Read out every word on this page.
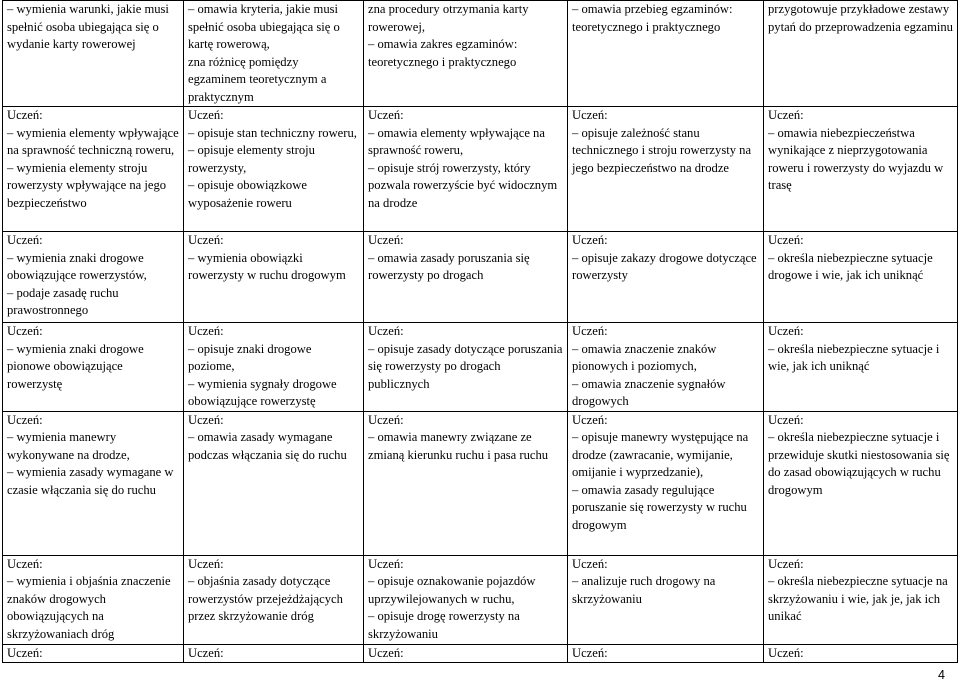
– wymienia warunki, jakie musi spełnić osoba ubiegająca się o wydanie karty rowerowej	– omawia kryteria, jakie musi spełnić osoba ubiegająca się o kartę rowerową,
zna różnicę pomiędzy egzaminem teoretycznym a praktycznym	zna procedury otrzymania karty rowerowej,
– omawia zakres egzaminów: teoretycznego i praktycznego	– omawia przebieg egzaminów: teoretycznego i praktycznego	przygotowuje przykładowe zestawy pytań do przeprowadzenia egzaminu
Uczeń:
– wymienia elementy wpływające na sprawność techniczną roweru,
– wymienia elementy stroju rowerzysty wpływające na jego bezpieczeństwo	Uczeń:
– opisuje stan techniczny roweru,
– opisuje elementy stroju rowerzysty,
– opisuje obowiązkowe wyposażenie roweru	Uczeń:
– omawia elementy wpływające na sprawność roweru,
– opisuje strój rowerzysty, który pozwala rowerzyście być widocznym na drodze	Uczeń:
– opisuje zależność stanu technicznego i stroju rowerzysty na jego bezpieczeństwo na drodze	Uczeń:
– omawia niebezpieczeństwa wynikające z nieprzygotowania roweru i rowerzysty do wyjazdu w trasę
Uczeń:
– wymienia znaki drogowe obowiązujące rowerzystów,
– podaje zasadę ruchu prawostronnego	Uczeń:
– wymienia obowiązki rowerzysty w ruchu drogowym	Uczeń:
– omawia zasady poruszania się rowerzysty po drogach	Uczeń:
– opisuje zakazy drogowe dotyczące rowerzysty	Uczeń:
– określa niebezpieczne sytuacje drogowe i wie, jak ich uniknąć
Uczeń:
– wymienia znaki drogowe pionowe obowiązujące rowerzystę	Uczeń:
– opisuje znaki drogowe poziome,
– wymienia sygnały drogowe obowiązujące rowerzystę	Uczeń:
– opisuje zasady dotyczące poruszania się rowerzysty po drogach publicznych	Uczeń:
– omawia znaczenie znaków pionowych i poziomych,
– omawia znaczenie sygnałów drogowych	Uczeń:
– określa niebezpieczne sytuacje i wie, jak ich uniknąć
Uczeń:
– wymienia manewry wykonywane na drodze,
– wymienia zasady wymagane w czasie włączania się do ruchu	Uczeń:
– omawia zasady wymagane podczas włączania się do ruchu	Uczeń:
– omawia manewry związane ze zmianą kierunku ruchu i pasa ruchu	Uczeń:
– opisuje manewry występujące na drodze (zawracanie, wymijanie, omijanie i wyprzedzanie),
– omawia zasady regulujące poruszanie się rowerzysty w ruchu drogowym	Uczeń:
– określa niebezpieczne sytuacje i przewiduje skutki niestosowania się do zasad obowiązujących w ruchu drogowym
Uczeń:
– wymienia i objaśnia znaczenie znaków drogowych obowiązujących na skrzyżowaniach dróg	Uczeń:
– objaśnia zasady dotyczące rowerzystów przejeżdżających przez skrzyżowanie dróg	Uczeń:
– opisuje oznakowanie pojazdów uprzywilejowanych w ruchu,
– opisuje drogę rowerzysty na skrzyżowaniu	Uczeń:
– analizuje ruch drogowy na skrzyżowaniu	Uczeń:
– określa niebezpieczne sytuacje na skrzyżowaniu i wie, jak je, jak ich unikać
Uczeń:	Uczeń:	Uczeń:	Uczeń:	Uczeń:
4
